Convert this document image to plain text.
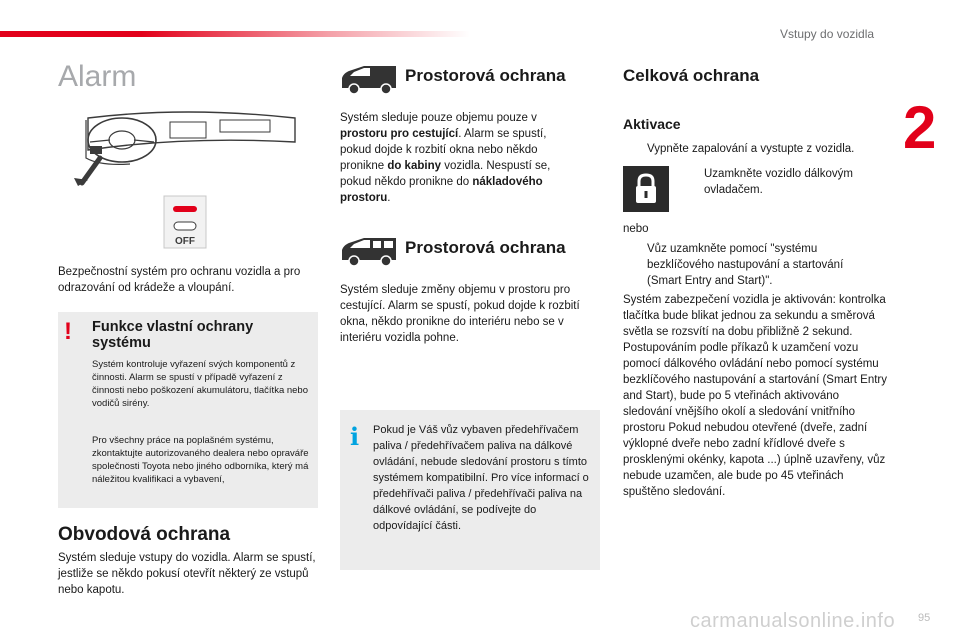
Vstupy do vozidla
2
95
carmanualsonline.info
Alarm
OFF
Bezpečnostní systém pro ochranu vozidla a pro odrazování od krádeže a vloupání.
! Funkce vlastní ochrany systému
Systém kontroluje vyřazení svých komponentů z činnosti. Alarm se spustí v případě vyřazení z činnosti nebo poškození akumulátoru, tlačítka nebo vodičů sirény.
Pro všechny práce na poplašném systému, zkontaktujte autorizovaného dealera nebo opraváře společnosti Toyota nebo jiného odborníka, který má náležitou kvalifikaci a vybavení,
Obvodová ochrana
Systém sleduje vstupy do vozidla. Alarm se spustí, jestliže se někdo pokusí otevřít některý ze vstupů nebo kapotu.
Prostorová ochrana
Systém sleduje pouze objemu pouze v prostoru pro cestující. Alarm se spustí, pokud dojde k rozbití okna nebo někdo pronikne do kabiny vozidla. Nespustí se, pokud někdo pronikne do nákladového prostoru.
Prostorová ochrana
Systém sleduje změny objemu v prostoru pro cestující. Alarm se spustí, pokud dojde k rozbití okna, někdo pronikne do interiéru nebo se v interiéru vozidla pohne.
i Pokud je Váš vůz vybaven předehřívačem paliva / předehřívačem paliva na dálkové ovládání, nebude sledování prostoru s tímto systémem kompatibilní. Pro více informací o předehřívači paliva / předehřívači paliva na dálkové ovládání, se podívejte do odpovídající části.
Celková ochrana
Aktivace
Vypněte zapalování a vystupte z vozidla.
Uzamkněte vozidlo dálkovým ovladačem.
nebo
Vůz uzamkněte pomocí "systému bezklíčového nastupování a startování (Smart Entry and Start)".
Systém zabezpečení vozidla je aktivován: kontrolka tlačítka bude blikat jednou za sekundu a směrová světla se rozsvítí na dobu přibližně 2 sekund. Postupováním podle příkazů k uzamčení vozu pomocí dálkového ovládání nebo pomocí systému bezklíčového nastupování a startování (Smart Entry and Start), bude po 5 vteřinách aktivováno sledování vnějšího okolí a sledování vnitřního prostoru Pokud nebudou otevřené (dveře, zadní výklopné dveře nebo zadní křídlové dveře s prosklenými okénky, kapota ...) úplně uzavřeny, vůz nebude uzamčen, ale bude po 45 vteřinách spuštěno sledování.
